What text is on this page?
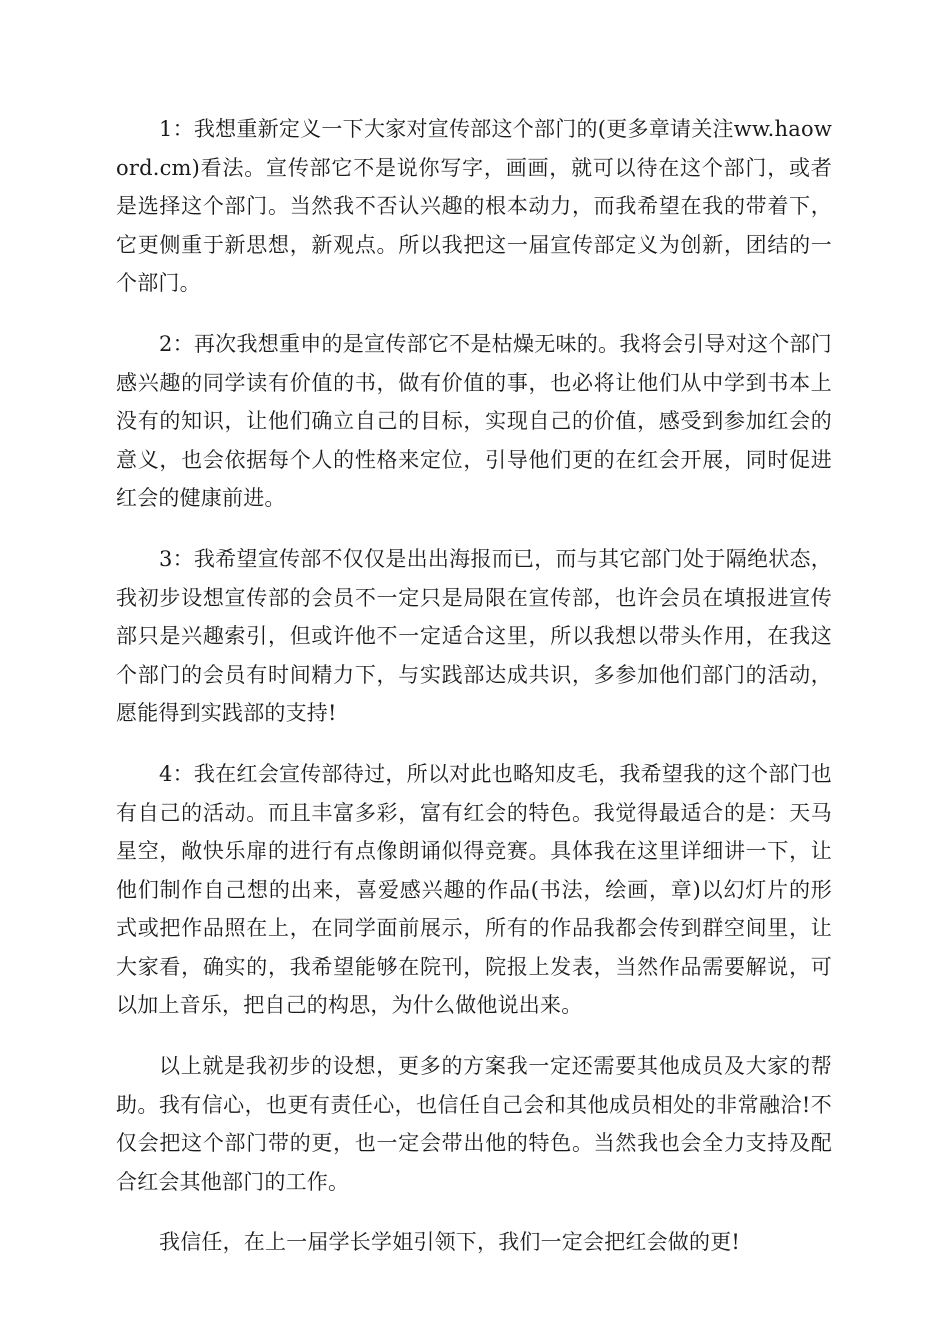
1：我想重新定义一下大家对宣传部这个部门的(更多章请关注ww.haoword.cm)看法。宣传部它不是说你写字，画画，就可以待在这个部门，或者是选择这个部门。当然我不否认兴趣的根本动力，而我希望在我的带着下，它更侧重于新思想，新观点。所以我把这一届宣传部定义为创新，团结的一个部门。

2：再次我想重申的是宣传部它不是枯燥无味的。我将会引导对这个部门感兴趣的同学读有价值的书，做有价值的事，也必将让他们从中学到书本上没有的知识，让他们确立自己的目标，实现自己的价值，感受到参加红会的意义，也会依据每个人的性格来定位，引导他们更的在红会开展，同时促进红会的健康前进。

3：我希望宣传部不仅仅是出出海报而已，而与其它部门处于隔绝状态，我初步设想宣传部的会员不一定只是局限在宣传部，也许会员在填报进宣传部只是兴趣索引，但或许他不一定适合这里，所以我想以带头作用，在我这个部门的会员有时间精力下，与实践部达成共识，多参加他们部门的活动，愿能得到实践部的支持!

4：我在红会宣传部待过，所以对此也略知皮毛，我希望我的这个部门也有自己的活动。而且丰富多彩，富有红会的特色。我觉得最适合的是：天马星空，敞快乐扉的进行有点像朗诵似得竞赛。具体我在这里详细讲一下，让他们制作自己想的出来，喜爱感兴趣的作品(书法，绘画，章)以幻灯片的形式或把作品照在上，在同学面前展示，所有的作品我都会传到群空间里，让大家看，确实的，我希望能够在院刊，院报上发表，当然作品需要解说，可以加上音乐，把自己的构思，为什么做他说出来。

以上就是我初步的设想，更多的方案我一定还需要其他成员及大家的帮助。我有信心，也更有责任心，也信任自己会和其他成员相处的非常融洽!不仅会把这个部门带的更，也一定会带出他的特色。当然我也会全力支持及配合红会其他部门的工作。

我信任，在上一届学长学姐引领下，我们一定会把红会做的更!
